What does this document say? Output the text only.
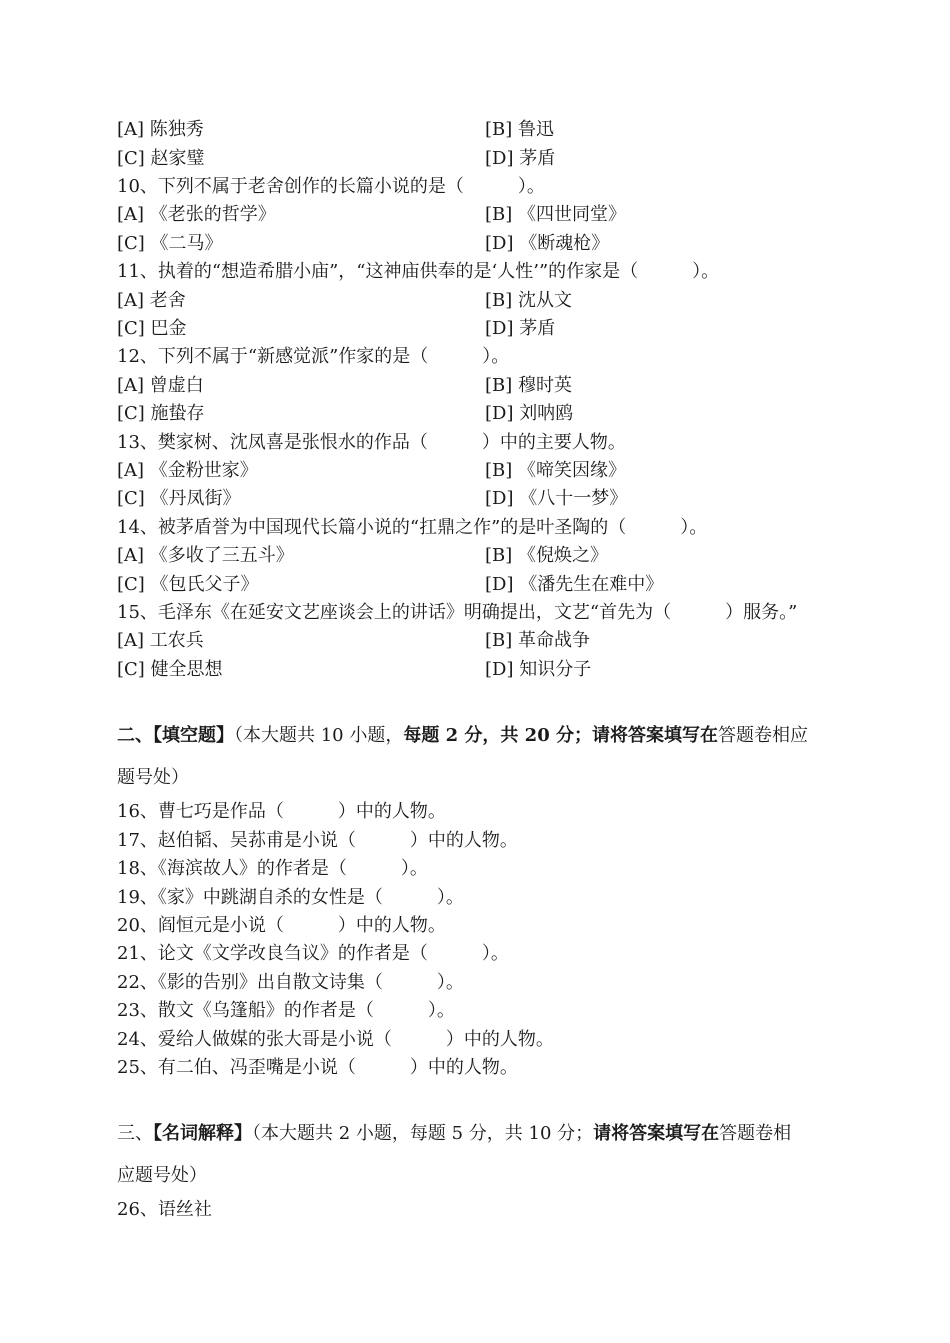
[A] 陈独秀	[B] 鲁迅
[C] 赵家璧	[D] 茅盾
10、下列不属于老舍创作的长篇小说的是（　　　）。
[A] 《老张的哲学》	[B] 《四世同堂》
[C] 《二马》	[D] 《断魂枪》
11、执着的“想造希腊小庙”，“这神庙供奉的是‘人性’”的作家是（　　　）。
[A] 老舍	[B] 沈从文
[C] 巴金	[D] 茅盾
12、下列不属于“新感觉派”作家的是（　　　）。
[A] 曾虚白	[B] 穆时英
[C] 施蛰存	[D] 刘呐鸥
13、樊家树、沈凤喜是张恨水的作品（　　　）中的主要人物。
[A] 《金粉世家》	[B] 《啼笑因缘》
[C] 《丹凤街》	[D] 《八十一梦》
14、被茅盾誉为中国现代长篇小说的“扛鼎之作”的是叶圣陶的（　　　）。
[A] 《多收了三五斗》	[B] 《倪焕之》
[C] 《包氏父子》	[D] 《潘先生在难中》
15、毛泽东《在延安文艺座谈会上的讲话》明确提出，文艺“首先为（　　　）服务。”
[A] 工农兵	[B] 革命战争
[C] 健全思想	[D] 知识分子
二、【填空题】（本大题共 10 小题，每题 2 分，共 20 分；请将答案填写在答题卷相应
题号处）
16、曹七巧是作品（　　　）中的人物。
17、赵伯韬、吴荪甫是小说（　　　）中的人物。
18、《海滨故人》的作者是（　　　）。
19、《家》中跳湖自杀的女性是（　　　）。
20、阎恒元是小说（　　　）中的人物。
21、论文《文学改良刍议》的作者是（　　　）。
22、《影的告别》出自散文诗集（　　　）。
23、散文《乌篷船》的作者是（　　　）。
24、爱给人做媒的张大哥是小说（　　　）中的人物。
25、有二伯、冯歪嘴是小说（　　　）中的人物。
三、【名词解释】（本大题共 2 小题，每题 5 分，共 10 分；请将答案填写在答题卷相
应题号处）
26、语丝社
